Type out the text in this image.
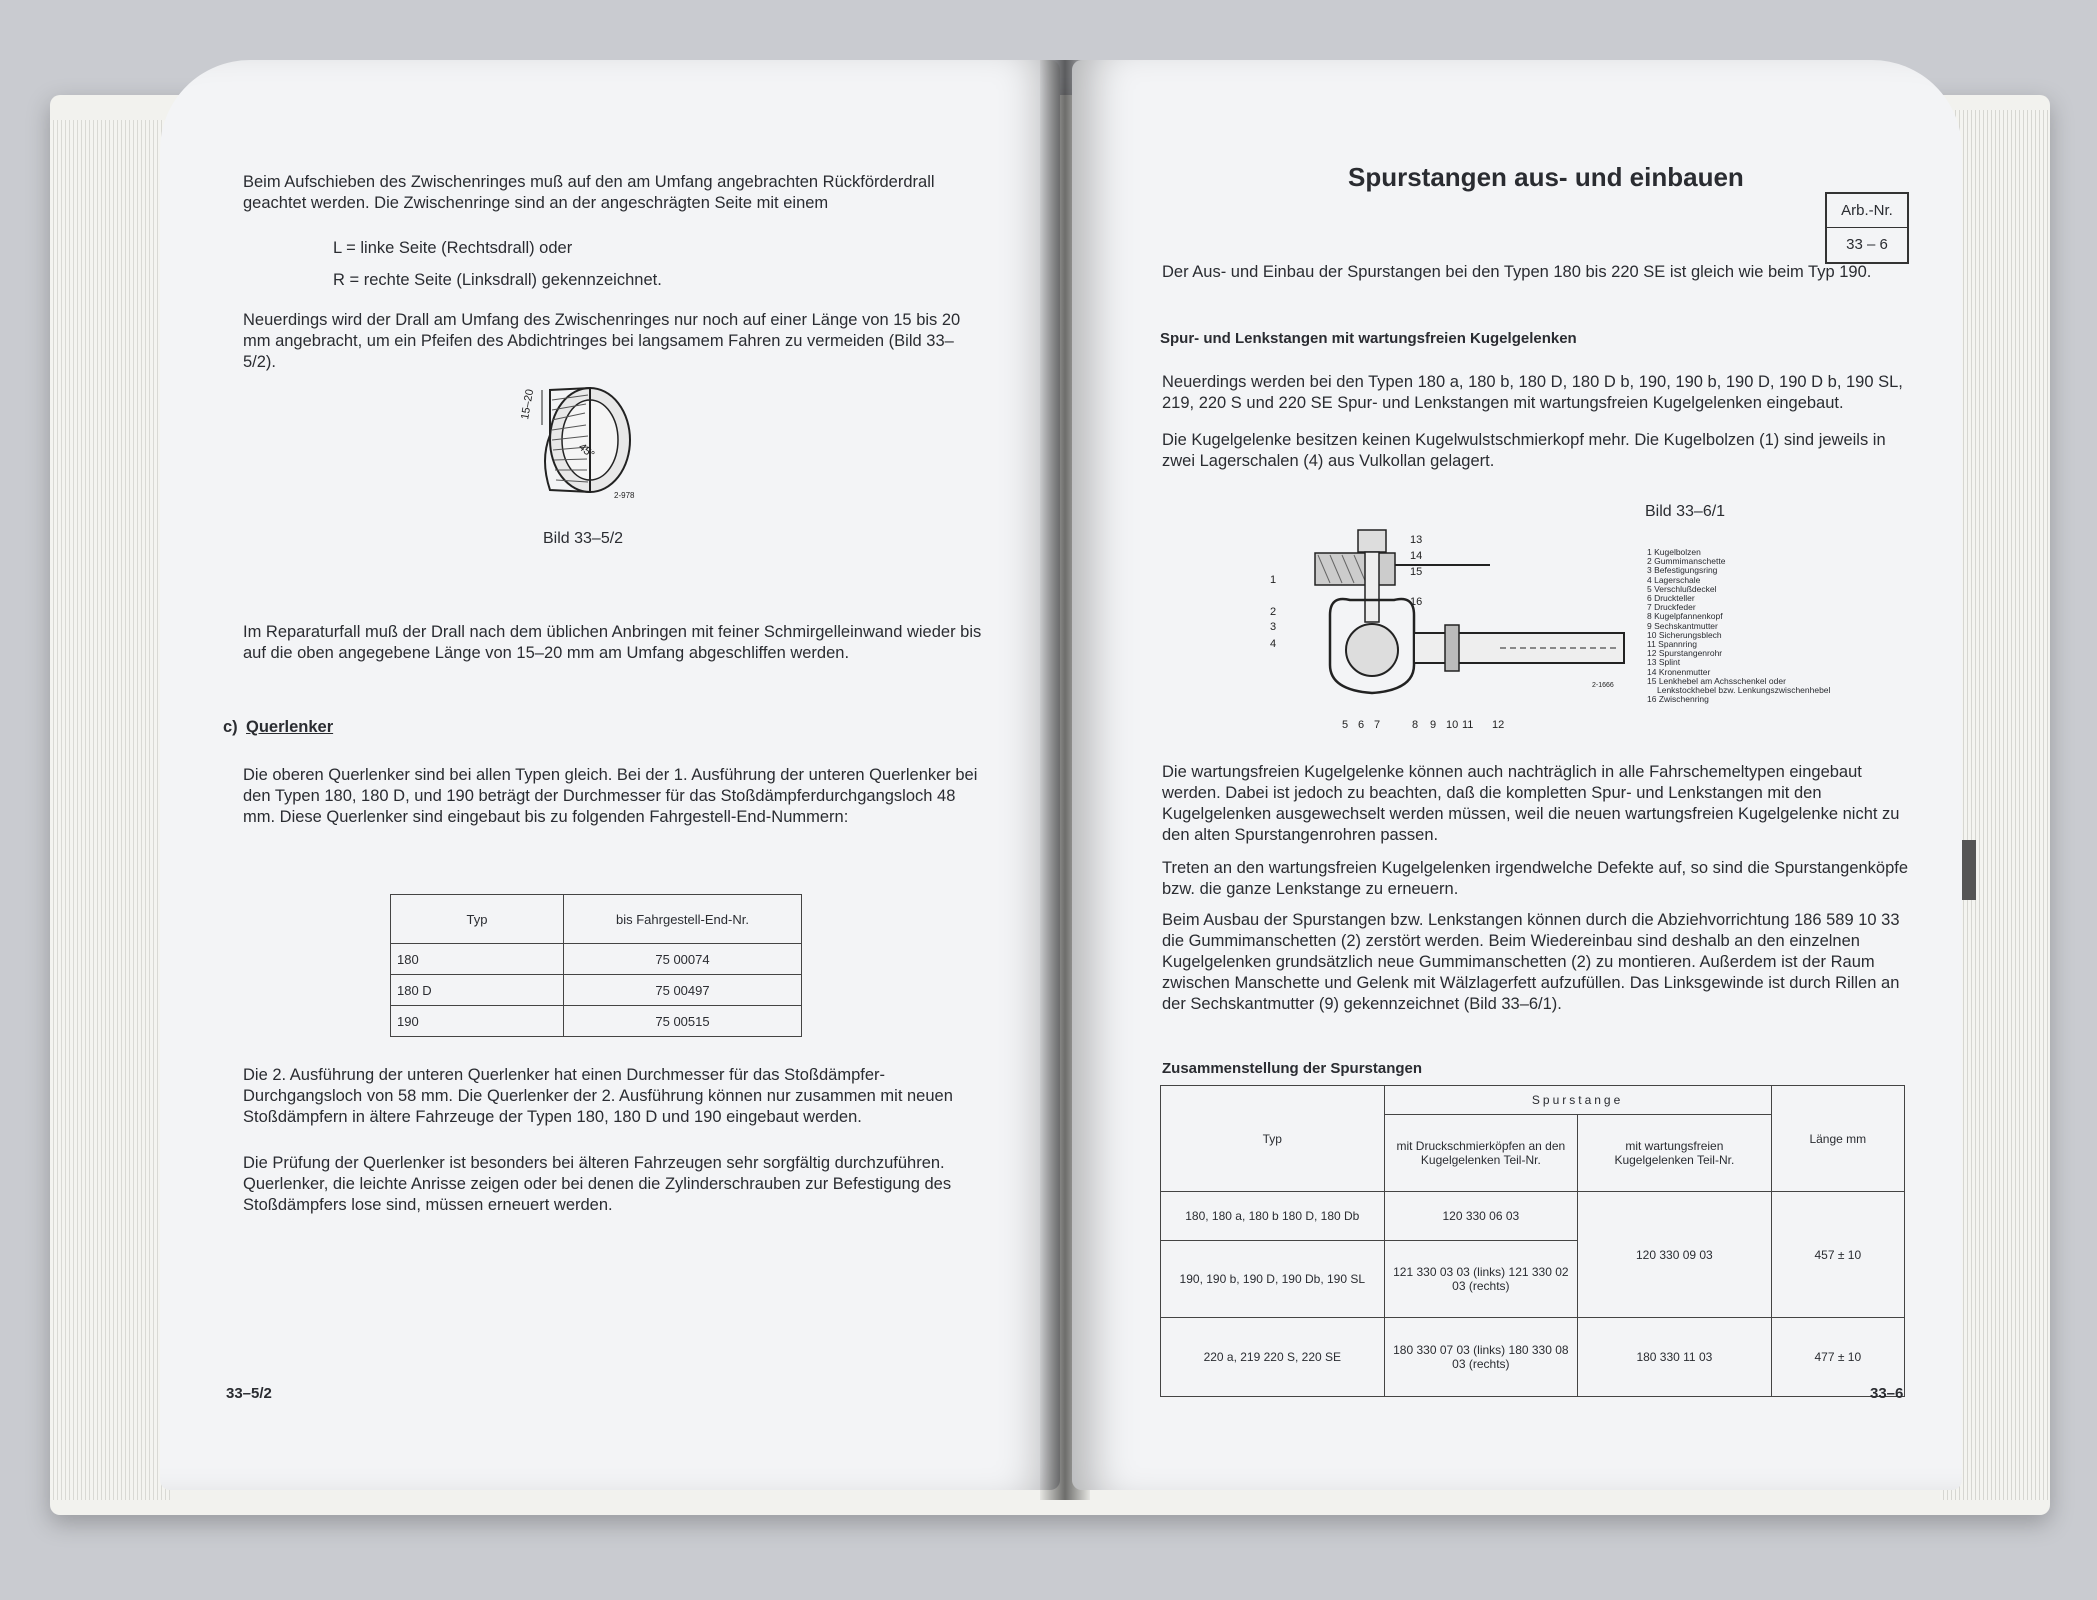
Beim Aufschieben des Zwischenringes muß auf den am Umfang angebrachten Rückförderdrall geachtet werden. Die Zwischenringe sind an der angeschrägten Seite mit einem
L = linke Seite (Rechtsdrall) oder
R = rechte Seite (Linksdrall) gekennzeichnet.
Neuerdings wird der Drall am Umfang des Zwischenringes nur noch auf einer Länge von 15 bis 20 mm angebracht, um ein Pfeifen des Abdichtringes bei langsamem Fahren zu vermeiden (Bild 33–5/2).
15–20
45°
2-978
Bild 33–5/2
Im Reparaturfall muß der Drall nach dem üblichen Anbringen mit feiner Schmirgelleinwand wieder bis auf die oben angegebene Länge von 15–20 mm am Umfang abgeschliffen werden.
c) Querlenker
Die oberen Querlenker sind bei allen Typen gleich. Bei der 1. Ausführung der unteren Querlenker bei den Typen 180, 180 D, und 190 beträgt der Durchmesser für das Stoßdämpferdurchgangsloch 48 mm. Diese Querlenker sind eingebaut bis zu folgenden Fahrgestell-End-Nummern:
Typ	bis Fahrgestell-End-Nr.
180	75 00074
180 D	75 00497
190	75 00515
Die 2. Ausführung der unteren Querlenker hat einen Durchmesser für das Stoßdämpfer-Durchgangsloch von 58 mm. Die Querlenker der 2. Ausführung können nur zusammen mit neuen Stoßdämpfern in ältere Fahrzeuge der Typen 180, 180 D und 190 eingebaut werden.
Die Prüfung der Querlenker ist besonders bei älteren Fahrzeugen sehr sorgfältig durchzuführen. Querlenker, die leichte Anrisse zeigen oder bei denen die Zylinderschrauben zur Befestigung des Stoßdämpfers lose sind, müssen erneuert werden.
33–5/2
Spurstangen aus- und einbauen
Arb.-Nr.
33 – 6
Der Aus- und Einbau der Spurstangen bei den Typen 180 bis 220 SE ist gleich wie beim Typ 190.
Spur- und Lenkstangen mit wartungsfreien Kugelgelenken
Neuerdings werden bei den Typen 180 a, 180 b, 180 D, 180 D b, 190, 190 b, 190 D, 190 D b, 190 SL, 219, 220 S und 220 SE Spur- und Lenkstangen mit wartungsfreien Kugelgelenken eingebaut.
Die Kugelgelenke besitzen keinen Kugelwulstschmierkopf mehr. Die Kugelbolzen (1) sind jeweils in zwei Lagerschalen (4) aus Vulkollan gelagert.
Bild 33–6/1
1
2
3
4
13
14
15
16
5 6 7	8 9 10 11 12
2-1666
1 Kugelbolzen
2 Gummimanschette
3 Befestigungsring
4 Lagerschale
5 Verschlußdeckel
6 Druckteller
7 Druckfeder
8 Kugelpfannenkopf
9 Sechskantmutter
10 Sicherungsblech
11 Spannring
12 Spurstangenrohr
13 Splint
14 Kronenmutter
15 Lenkhebel am Achsschenkel oder
Lenkstockhebel bzw. Lenkungszwischenhebel
16 Zwischenring
Die wartungsfreien Kugelgelenke können auch nachträglich in alle Fahrschemeltypen eingebaut werden. Dabei ist jedoch zu beachten, daß die kompletten Spur- und Lenkstangen mit den Kugelgelenken ausgewechselt werden müssen, weil die neuen wartungsfreien Kugelgelenke nicht zu den alten Spurstangenrohren passen.
Treten an den wartungsfreien Kugelgelenken irgendwelche Defekte auf, so sind die Spurstangenköpfe bzw. die ganze Lenkstange zu erneuern.
Beim Ausbau der Spurstangen bzw. Lenkstangen können durch die Abziehvorrichtung 186 589 10 33 die Gummimanschetten (2) zerstört werden. Beim Wiedereinbau sind deshalb an den einzelnen Kugelgelenken grundsätzlich neue Gummimanschetten (2) zu montieren. Außerdem ist der Raum zwischen Manschette und Gelenk mit Wälzlagerfett aufzufüllen. Das Linksgewinde ist durch Rillen an der Sechskantmutter (9) gekennzeichnet (Bild 33–6/1).
Zusammenstellung der Spurstangen
Typ	Spurstange		Länge mm
	mit Druckschmierköpfen an den Kugelgelenken Teil-Nr.	mit wartungsfreien Kugelgelenken Teil-Nr.	
180, 180 a, 180 b 180 D, 180 Db	120 330 06 03	120 330 09 03	457 ± 10
190, 190 b, 190 D, 190 Db, 190 SL	121 330 03 03 (links) 121 330 02 03 (rechts)		
220 a, 219 220 S, 220 SE	180 330 07 03 (links) 180 330 08 03 (rechts)	180 330 11 03	477 ± 10
33–6
